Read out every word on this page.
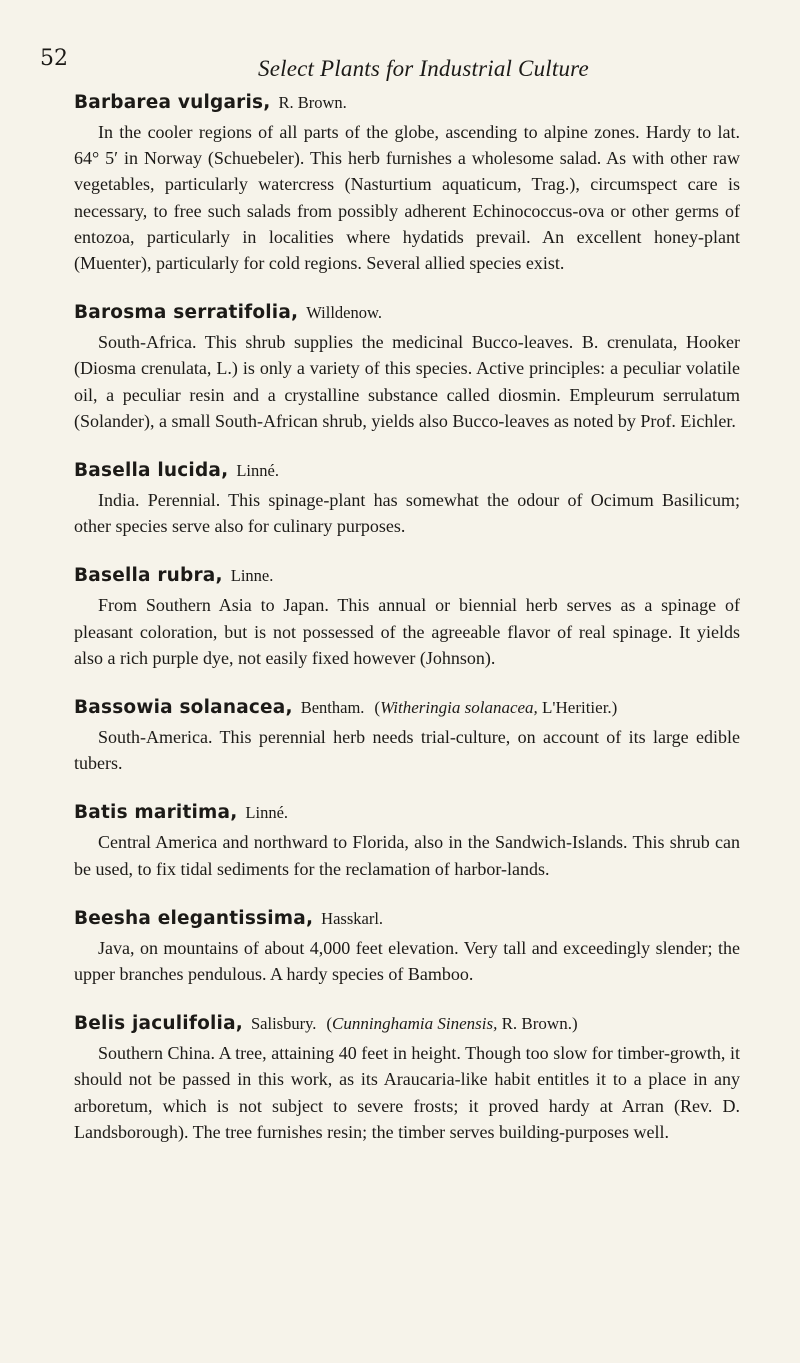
52	Select Plants for Industrial Culture

Barbarea vulgaris, R. Brown.

In the cooler regions of all parts of the globe, ascending to alpine zones. Hardy to lat. 64° 5′ in Norway (Schuebeler). This herb furnishes a wholesome salad. As with other raw vegetables, particularly watercress (Nasturtium aquaticum, Trag.), circumspect care is necessary, to free such salads from possibly adherent Echinococcus-ova or other germs of entozoa, particularly in localities where hydatids prevail. An excellent honey-plant (Muenter), particularly for cold regions. Several allied species exist.

Barosma serratifolia, Willdenow.

South-Africa. This shrub supplies the medicinal Bucco-leaves. B. crenulata, Hooker (Diosma crenulata, L.) is only a variety of this species. Active principles: a peculiar volatile oil, a peculiar resin and a crystalline substance called diosmin. Empleurum serrulatum (Solander), a small South-African shrub, yields also Bucco-leaves as noted by Prof. Eichler.

Basella lucida, Linné.

India. Perennial. This spinage-plant has somewhat the odour of Ocimum Basilicum; other species serve also for culinary purposes.

Basella rubra, Linne.

From Southern Asia to Japan. This annual or biennial herb serves as a spinage of pleasant coloration, but is not possessed of the agreeable flavor of real spinage. It yields also a rich purple dye, not easily fixed however (Johnson).

Bassowia solanacea, Bentham. (Witheringia solanacea, L'Heritier.)

South-America. This perennial herb needs trial-culture, on account of its large edible tubers.

Batis maritima, Linné.

Central America and northward to Florida, also in the Sandwich-Islands. This shrub can be used, to fix tidal sediments for the reclamation of harbor-lands.

Beesha elegantissima, Hasskarl.

Java, on mountains of about 4,000 feet elevation. Very tall and exceedingly slender; the upper branches pendulous. A hardy species of Bamboo.

Belis jaculifolia, Salisbury. (Cunninghamia Sinensis, R. Brown.)

Southern China. A tree, attaining 40 feet in height. Though too slow for timber-growth, it should not be passed in this work, as its Araucaria-like habit entitles it to a place in any arboretum, which is not subject to severe frosts; it proved hardy at Arran (Rev. D. Landsborough). The tree furnishes resin; the timber serves building-purposes well.
